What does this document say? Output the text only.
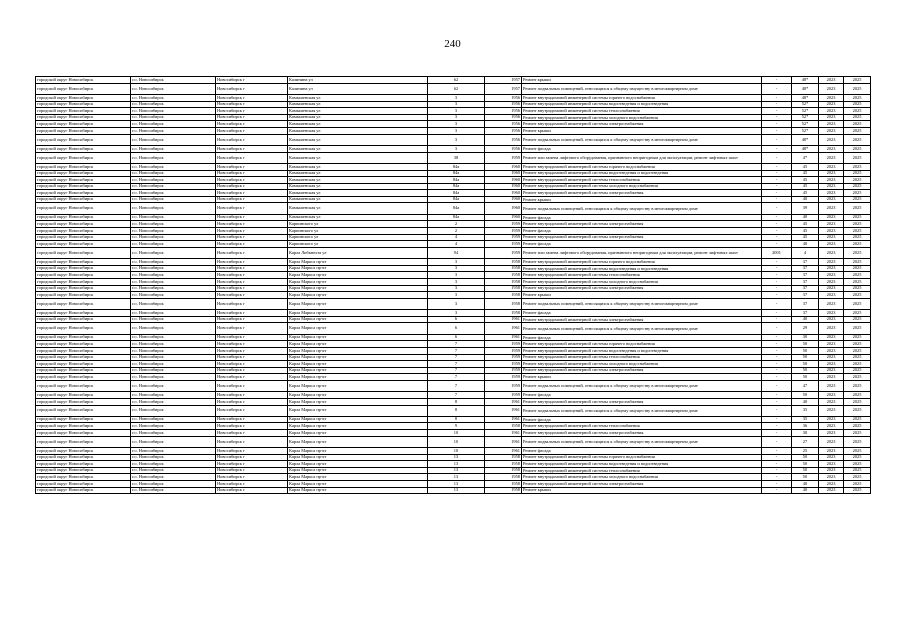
240
городской округ Новосибирск	г.о. Новосибирск	Новосибирск г	Калинина ул	62	1957	Ремонт крыши	-	48*	2023	2025
городской округ Новосибирск	г.о. Новосибирск	Новосибирск г	Калинина ул	62	1957	Ремонт подвальных помещений, относящихся к общему имуществу в многоквартирном доме	-	48*	2023	2025
городской округ Новосибирск	г.о. Новосибирск	Новосибирск г	Камышенская ул	3	1956	Ремонт внутридомовой инженерной системы горячего водоснабжения	-	48*	2023	2025
городской округ Новосибирск	г.о. Новосибирск	Новосибирск г	Камышенская ул	3	1956	Ремонт внутридомовой инженерной системы водоотведения и водоотведения	-	52*	2023	2025
городской округ Новосибирск	г.о. Новосибирск	Новосибирск г	Камышенская ул	3	1956	Ремонт внутридомовой инженерной системы теплоснабжения	-	52*	2023	2025
городской округ Новосибирск	г.о. Новосибирск	Новосибирск г	Камышенская ул	3	1956	Ремонт внутридомовой инженерной системы холодного водоснабжения	-	52*	2023	2025
городской округ Новосибирск	г.о. Новосибирск	Новосибирск г	Камышенская ул	3	1956	Ремонт внутридомовой инженерной системы электроснабжения	-	52*	2023	2025
городской округ Новосибирск	г.о. Новосибирск	Новосибирск г	Камышенская ул	3	1956	Ремонт крыши	-	52*	2023	2025
городской округ Новосибирск	г.о. Новосибирск	Новосибирск г	Камышенская ул	3	1956	Ремонт подвальных помещений, относящихся к общему имуществу в многоквартирном доме	-	48*	2023	2025
городской округ Новосибирск	г.о. Новосибирск	Новосибирск г	Камышенская ул	3	1956	Ремонт фасада	-	48*	2023	2025
городской округ Новосибирск	г.о. Новосибирск	Новосибирск г	Камышенская ул	38	1959	Ремонт или замена лифтового оборудования, признанного непригодным для эксплуатации, ремонт лифтовых шахт	-	4*	2023	2025
городской округ Новосибирск	г.о. Новосибирск	Новосибирск г	Камышенская ул	84а	1960	Ремонт внутридомовой инженерной системы горячего водоснабжения	-	45	2023	2025
городской округ Новосибирск	г.о. Новосибирск	Новосибирск г	Камышенская ул	84а	1960	Ремонт внутридомовой инженерной системы водоотведения и водоотведения	-	45	2023	2025
городской округ Новосибирск	г.о. Новосибирск	Новосибирск г	Камышенская ул	84а	1960	Ремонт внутридомовой инженерной системы теплоснабжения	-	45	2023	2025
городской округ Новосибирск	г.о. Новосибирск	Новосибирск г	Камышенская ул	84а	1960	Ремонт внутридомовой инженерной системы холодного водоснабжения	-	45	2023	2025
городской округ Новосибирск	г.о. Новосибирск	Новосибирск г	Камышенская ул	84а	1960	Ремонт внутридомовой инженерной системы электроснабжения	-	45	2023	2025
городской округ Новосибирск	г.о. Новосибирск	Новосибирск г	Камышенская ул	84а	1960	Ремонт крыши	-	40	2023	2025
городской округ Новосибирск	г.о. Новосибирск	Новосибирск г	Камышенская ул	84а	1960	Ремонт подвальных помещений, относящихся к общему имуществу в многоквартирном доме	-	39	2023	2025
городской округ Новосибирск	г.о. Новосибирск	Новосибирск г	Камышенская ул	84а	1960	Ремонт фасада	-	40	2023	2025
городской округ Новосибирск	г.о. Новосибирск	Новосибирск г	Карпинского ул	2	1959	Ремонт внутридомовой инженерной системы электроснабжения	-	45	2023	2025
городской округ Новосибирск	г.о. Новосибирск	Новосибирск г	Карпинского ул	2	1959	Ремонт фасада	-	45	2023	2025
городской округ Новосибирск	г.о. Новосибирск	Новосибирск г	Карпинского ул	4	1959	Ремонт внутридомовой инженерной системы электроснабжения	-	45	2023	2025
городской округ Новосибирск	г.о. Новосибирск	Новосибирск г	Карпинского ул	4	1959	Ремонт фасада	-	40	2023	2025
городской округ Новосибирск	г.о. Новосибирск	Новосибирск г	Карла Либкнехта ул	94	1959	Ремонт или замена лифтового оборудования, признанного непригодным для эксплуатации, ремонт лифтовых шахт	2001	4	2023	2025
городской округ Новосибирск	г.о. Новосибирск	Новосибирск г	Карла Маркса пр-кт	3	1958	Ремонт внутридомовой инженерной системы горячего водоснабжения	-	37	2023	2025
городской округ Новосибирск	г.о. Новосибирск	Новосибирск г	Карла Маркса пр-кт	3	1958	Ремонт внутридомовой инженерной системы водоотведения и водоотведения	-	37	2023	2025
городской округ Новосибирск	г.о. Новосибирск	Новосибирск г	Карла Маркса пр-кт	3	1958	Ремонт внутридомовой инженерной системы теплоснабжения	-	37	2023	2025
городской округ Новосибирск	г.о. Новосибирск	Новосибирск г	Карла Маркса пр-кт	3	1958	Ремонт внутридомовой инженерной системы холодного водоснабжения	-	37	2023	2025
городской округ Новосибирск	г.о. Новосибирск	Новосибирск г	Карла Маркса пр-кт	3	1958	Ремонт внутридомовой инженерной системы электроснабжения	-	37	2023	2025
городской округ Новосибирск	г.о. Новосибирск	Новосибирск г	Карла Маркса пр-кт	3	1958	Ремонт крыши	-	37	2023	2025
городской округ Новосибирск	г.о. Новосибирск	Новосибирск г	Карла Маркса пр-кт	3	1958	Ремонт подвальных помещений, относящихся к общему имуществу в многоквартирном доме	-	37	2023	2025
городской округ Новосибирск	г.о. Новосибирск	Новосибирск г	Карла Маркса пр-кт	3	1958	Ремонт фасада	-	37	2023	2025
городской округ Новосибирск	г.о. Новосибирск	Новосибирск г	Карла Маркса пр-кт	6	1961	Ремонт внутридомовой инженерной системы электроснабжения	-	40	2023	2025
городской округ Новосибирск	г.о. Новосибирск	Новосибирск г	Карла Маркса пр-кт	6	1961	Ремонт подвальных помещений, относящихся к общему имуществу в многоквартирном доме	-	29	2023	2025
городской округ Новосибирск	г.о. Новосибирск	Новосибирск г	Карла Маркса пр-кт	6	1961	Ремонт фасада	-	30	2023	2025
городской округ Новосибирск	г.о. Новосибирск	Новосибирск г	Карла Маркса пр-кт	7	1959	Ремонт внутридомовой инженерной системы горячего водоснабжения	-	50	2023	2025
городской округ Новосибирск	г.о. Новосибирск	Новосибирск г	Карла Маркса пр-кт	7	1959	Ремонт внутридомовой инженерной системы водоотведения и водоотведения	-	50	2023	2025
городской округ Новосибирск	г.о. Новосибирск	Новосибирск г	Карла Маркса пр-кт	7	1959	Ремонт внутридомовой инженерной системы теплоснабжения	-	50	2023	2025
городской округ Новосибирск	г.о. Новосибирск	Новосибирск г	Карла Маркса пр-кт	7	1959	Ремонт внутридомовой инженерной системы холодного водоснабжения	-	50	2023	2025
городской округ Новосибирск	г.о. Новосибирск	Новосибирск г	Карла Маркса пр-кт	7	1959	Ремонт внутридомовой инженерной системы электроснабжения	-	50	2023	2025
городской округ Новосибирск	г.о. Новосибирск	Новосибирск г	Карла Маркса пр-кт	7	1959	Ремонт крыши	-	50	2023	2025
городской округ Новосибирск	г.о. Новосибирск	Новосибирск г	Карла Маркса пр-кт	7	1959	Ремонт подвальных помещений, относящихся к общему имуществу в многоквартирном доме	-	47	2023	2025
городской округ Новосибирск	г.о. Новосибирск	Новосибирск г	Карла Маркса пр-кт	7	1959	Ремонт фасада	-	50	2023	2025
городской округ Новосибирск	г.о. Новосибирск	Новосибирск г	Карла Маркса пр-кт	8	1961	Ремонт внутридомовой инженерной системы электроснабжения	-	40	2023	2025
городской округ Новосибирск	г.о. Новосибирск	Новосибирск г	Карла Маркса пр-кт	8	1961	Ремонт подвальных помещений, относящихся к общему имуществу в многоквартирном доме	-	35	2023	2025
городской округ Новосибирск	г.о. Новосибирск	Новосибирск г	Карла Маркса пр-кт	8	1961	Ремонт фасада	-	35	2023	2025
городской округ Новосибирск	г.о. Новосибирск	Новосибирск г	Карла Маркса пр-кт	9	1958	Ремонт внутридомовой инженерной системы теплоснабжения	-	36	2023	2025
городской округ Новосибирск	г.о. Новосибирск	Новосибирск г	Карла Маркса пр-кт	10	1961	Ремонт внутридомовой инженерной системы электроснабжения	-	30	2023	2025
городской округ Новосибирск	г.о. Новосибирск	Новосибирск г	Карла Маркса пр-кт	10	1961	Ремонт подвальных помещений, относящихся к общему имуществу в многоквартирном доме	-	27	2023	2025
городской округ Новосибирск	г.о. Новосибирск	Новосибирск г	Карла Маркса пр-кт	10	1961	Ремонт фасада	-	25	2023	2025
городской округ Новосибирск	г.о. Новосибирск	Новосибирск г	Карла Маркса пр-кт	13	1958	Ремонт внутридомовой инженерной системы горячего водоснабжения	-	50	2023	2025
городской округ Новосибирск	г.о. Новосибирск	Новосибирск г	Карла Маркса пр-кт	13	1958	Ремонт внутридомовой инженерной системы водоотведения и водоотведения	-	50	2023	2025
городской округ Новосибирск	г.о. Новосибирск	Новосибирск г	Карла Маркса пр-кт	13	1958	Ремонт внутридомовой инженерной системы теплоснабжения	-	50	2023	2025
городской округ Новосибирск	г.о. Новосибирск	Новосибирск г	Карла Маркса пр-кт	13	1958	Ремонт внутридомовой инженерной системы холодного водоснабжения	-	50	2023	2025
городской округ Новосибирск	г.о. Новосибирск	Новосибирск г	Карла Маркса пр-кт	13	1958	Ремонт внутридомовой инженерной системы электроснабжения	-	40	2023	2025
городской округ Новосибирск	г.о. Новосибирск	Новосибирск г	Карла Маркса пр-кт	13	1958	Ремонт крыши	-	40	2023	2025
